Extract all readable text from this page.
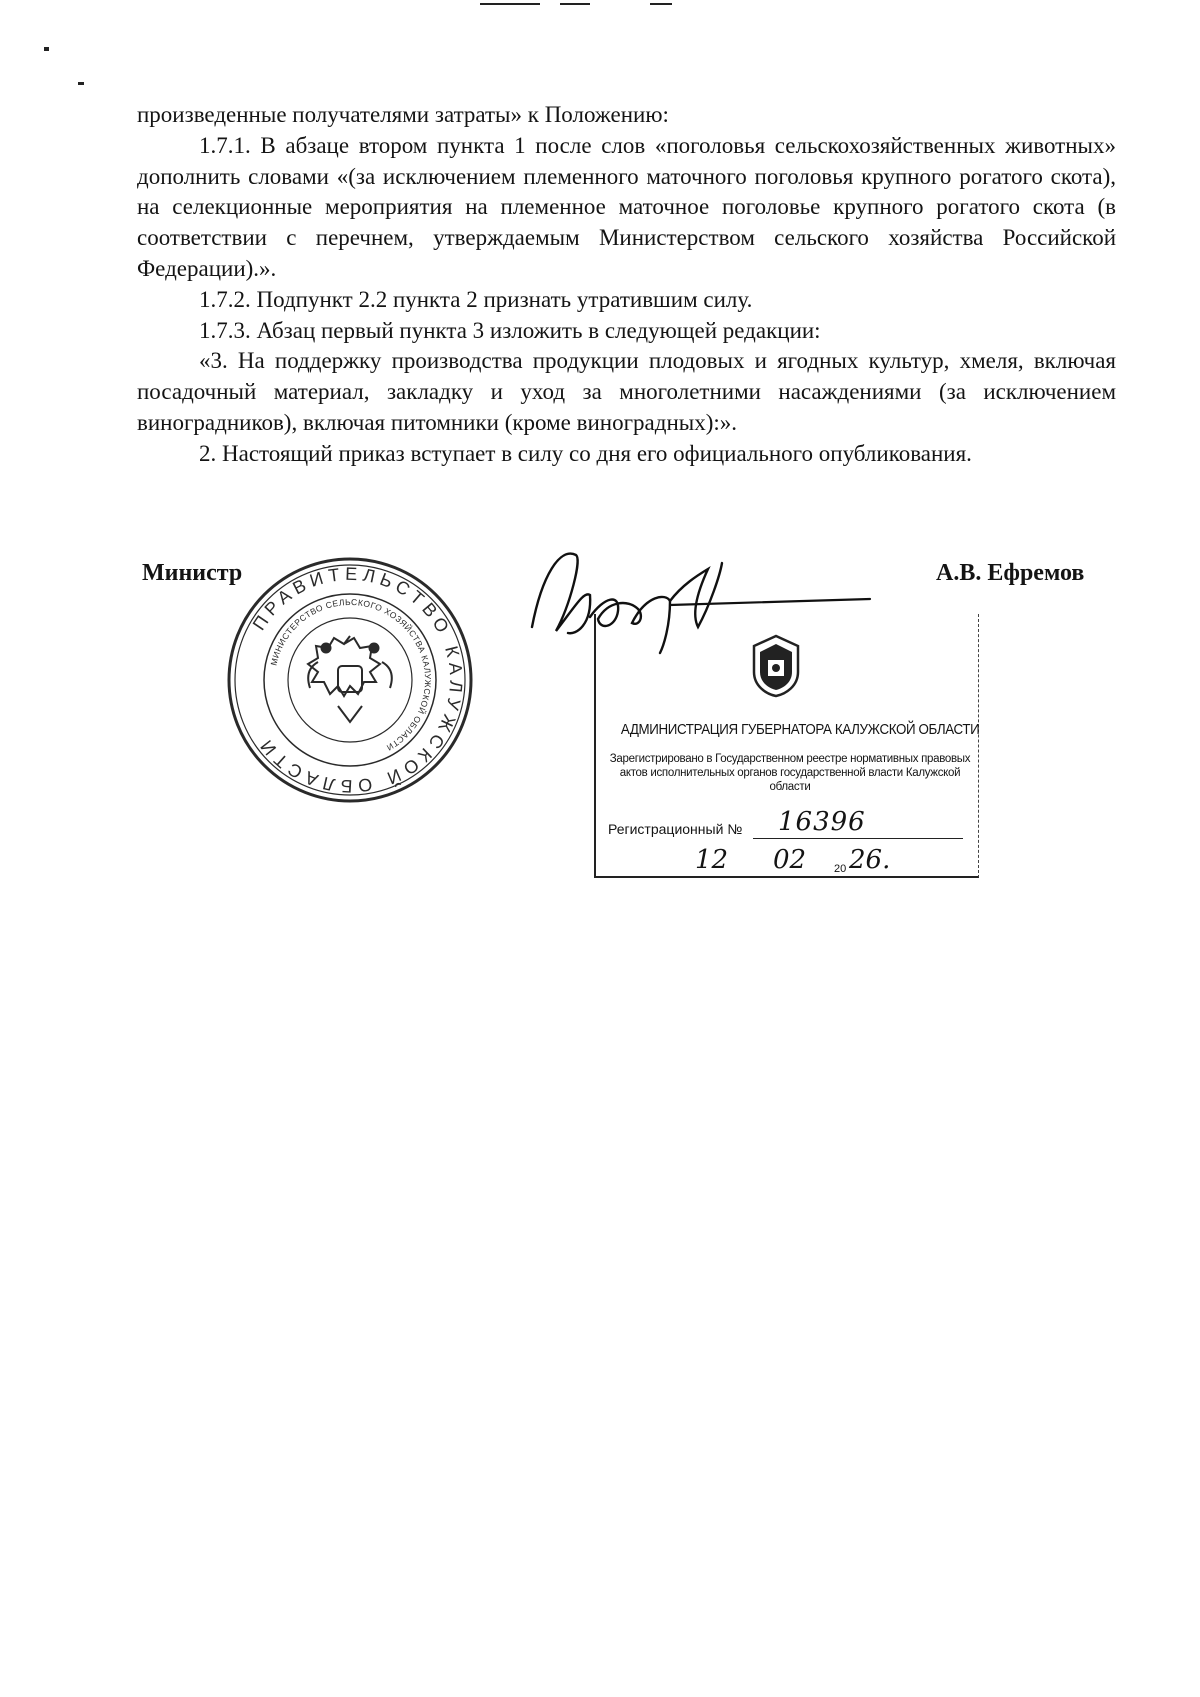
произведенные получателями затраты» к Положению:

1.7.1. В абзаце втором пункта 1 после слов «поголовья сельскохозяйственных животных» дополнить словами «(за исключением племенного маточного поголовья крупного рогатого скота), на селекционные мероприятия на племенное маточное поголовье крупного рогатого скота (в соответствии с перечнем, утверждаемым Министерством сельского хозяйства Российской Федерации).».

1.7.2. Подпункт 2.2 пункта 2 признать утратившим силу.

1.7.3. Абзац первый пункта 3 изложить в следующей редакции:

«3. На поддержку производства продукции плодовых и ягодных культур, хмеля, включая посадочный материал, закладку и уход за многолетними насаждениями (за исключением виноградников), включая питомники (кроме виноградных):».

2. Настоящий приказ вступает в силу со дня его официального опубликования.

Министр
ПРАВИТЕЛЬСТВО КАЛУЖСКОЙ ОБЛАСТИ
МИНИСТЕРСТВО СЕЛЬСКОГО ХОЗЯЙСТВА КАЛУЖСКОЙ ОБЛАСТИ
А.В. Ефремов
АДМИНИСТРАЦИЯ ГУБЕРНАТОРА КАЛУЖСКОЙ ОБЛАСТИ
Зарегистрировано в Государственном реестре нормативных правовых актов исполнительных органов государственной власти Калужской области
Регистрационный № 16396
12 02	20 26.
